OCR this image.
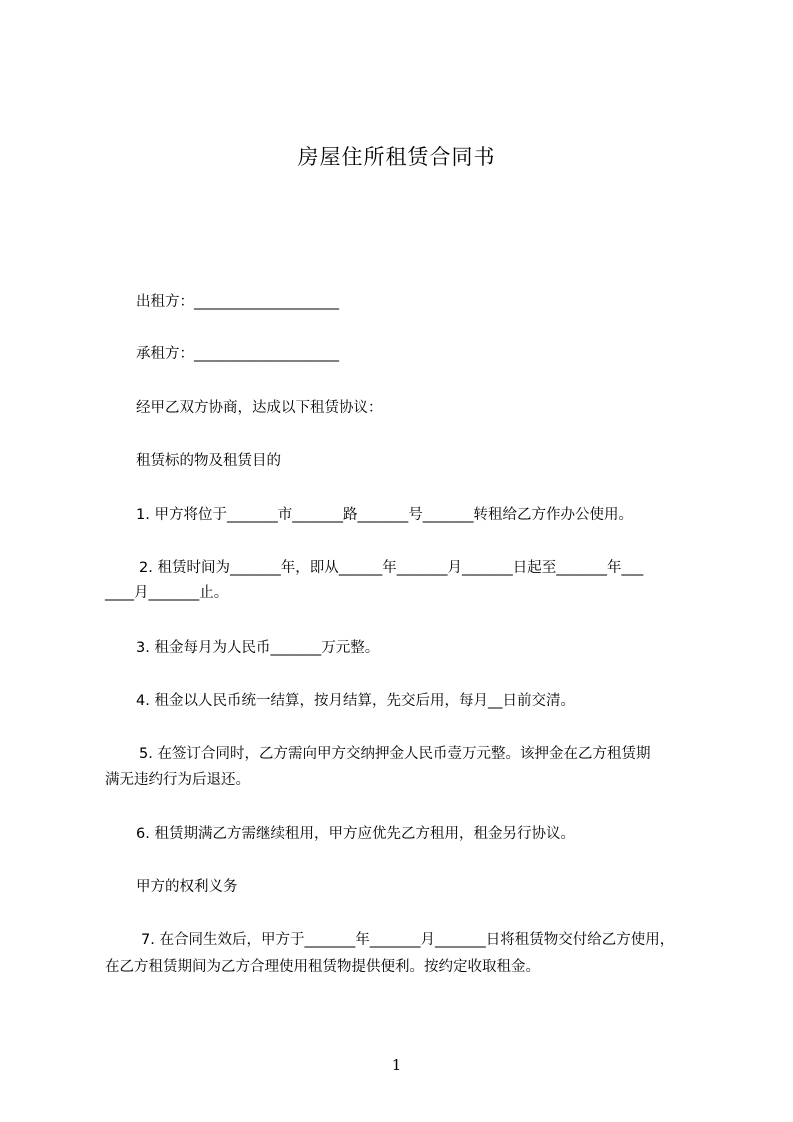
房屋住所租赁合同书
出租方：____________________
承租方：____________________
经甲乙双方协商，达成以下租赁协议：
租赁标的物及租赁目的
1. 甲方将位于_______市_______路_______号_______转租给乙方作办公使用。
2. 租赁时间为_______年，即从______年_______月_______日起至_______年___
____月_______止。
3. 租金每月为人民币_______万元整。
4. 租金以人民币统一结算，按月结算，先交后用，每月__日前交清。
5. 在签订合同时，乙方需向甲方交纳押金人民币壹万元整。该押金在乙方租赁期
满无违约行为后退还。
6. 租赁期满乙方需继续租用，甲方应优先乙方租用，租金另行协议。
甲方的权利义务
7. 在合同生效后，甲方于_______年_______月_______日将租赁物交付给乙方使用，
在乙方租赁期间为乙方合理使用租赁物提供便利。按约定收取租金。
1
